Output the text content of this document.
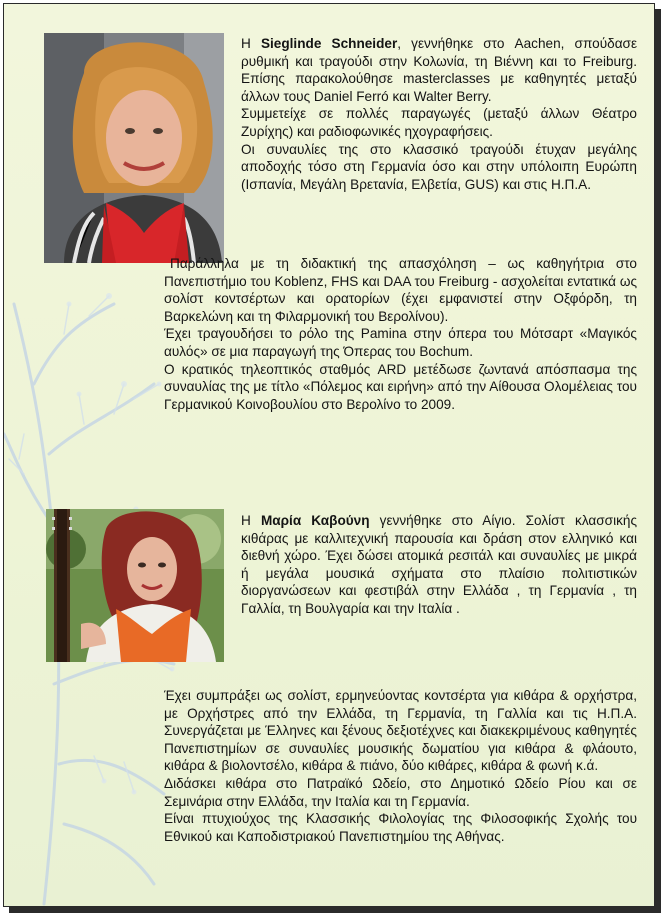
Η Sieglinde Schneider, γεννήθηκε στο Aachen, σπούδασε ρυθμική και τραγούδι στην Κολωνία, τη Βιέννη και το Freiburg. Επίσης παρακολούθησε masterclasses με καθηγητές μεταξύ άλλων τους Daniel Ferró και Walter Berry.

Συμμετείχε σε πολλές παραγωγές (μεταξύ άλλων Θέατρο Ζυρίχης) και ραδιοφωνικές ηχογραφήσεις.

Οι συναυλίες της στο κλασσικό τραγούδι έτυχαν μεγάλης αποδοχής τόσο στη Γερμανία όσο και στην υπόλοιπη Ευρώπη (Ισπανία, Μεγάλη Βρετανία, Ελβετία, GUS) και στις Η.Π.Α.

Παράλληλα με τη διδακτική της απασχόληση – ως καθηγήτρια στο Πανεπιστήμιο του Koblenz, FHS και DAA του Freiburg - ασχολείται εντατικά ως σολίστ κοντσέρτων και ορατορίων (έχει εμφανιστεί στην Οξφόρδη, τη Βαρκελώνη και τη Φιλαρμονική του Βερολίνου).

Έχει τραγουδήσει το ρόλο της Pamina στην όπερα του Μότσαρτ «Μαγικός αυλός» σε μια παραγωγή της Όπερας του Bochum.

Ο κρατικός τηλεοπτικός σταθμός ARD μετέδωσε ζωντανά απόσπασμα της συναυλίας της με τίτλο «Πόλεμος και ειρήνη» από την Αίθουσα Ολομέλειας του Γερμανικού Κοινοβουλίου στο Βερολίνο το 2009.

Η Μαρία Καβούνη γεννήθηκε στο Αίγιο. Σολίστ κλασσικής κιθάρας με καλλιτεχνική παρουσία και δράση στον ελληνικό και διεθνή χώρο. Έχει δώσει ατομικά ρεσιτάλ και συναυλίες με μικρά ή μεγάλα μουσικά σχήματα στο πλαίσιο πολιτιστικών διοργανώσεων και φεστιβάλ στην Ελλάδα , τη Γερμανία , τη Γαλλία, τη Βουλγαρία και την Ιταλία .

Έχει συμπράξει ως σολίστ, ερμηνεύοντας κοντσέρτα για κιθάρα & ορχήστρα, με Ορχήστρες από την Ελλάδα, τη Γερμανία, τη Γαλλία και τις Η.Π.Α. Συνεργάζεται με Έλληνες και ξένους δεξιοτέχνες και διακεκριμένους καθηγητές Πανεπιστημίων σε συναυλίες μουσικής δωματίου για κιθάρα & φλάουτο, κιθάρα & βιολοντσέλο, κιθάρα & πιάνο, δύο κιθάρες, κιθάρα & φωνή κ.ά.

Διδάσκει κιθάρα στο Πατραϊκό Ωδείο, στο Δημοτικό Ωδείο Ρίου και σε Σεμινάρια στην Ελλάδα, την Ιταλία και τη Γερμανία.

Είναι πτυχιούχος της Κλασσικής Φιλολογίας της Φιλοσοφικής Σχολής του Εθνικού και Καποδιστριακού Πανεπιστημίου της Αθήνας.
